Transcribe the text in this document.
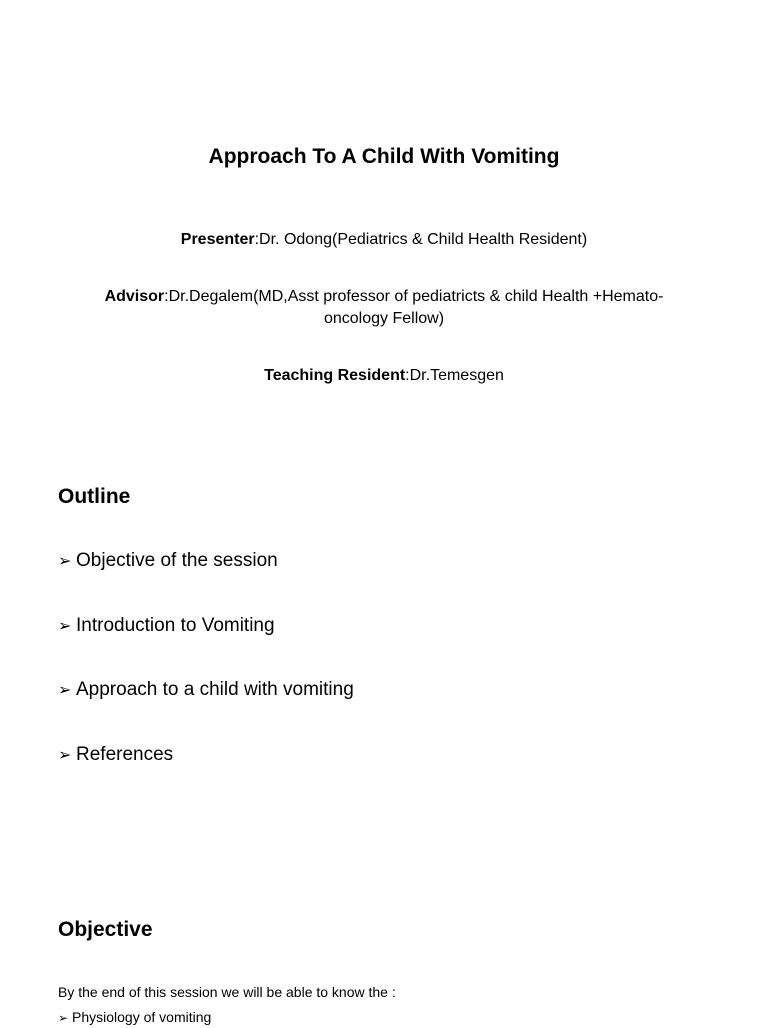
Approach To A Child With Vomiting
Presenter:Dr. Odong(Pediatrics & Child Health Resident)
Advisor:Dr.Degalem(MD,Asst professor of pediatricts & child Health +Hemato-oncology Fellow)
Teaching Resident:Dr.Temesgen
Outline
➢ Objective of the session
➢ Introduction to Vomiting
➢ Approach to a child with vomiting
➢ References
Objective
By the end of this session we will be able to know the :
➢ Physiology of vomiting
